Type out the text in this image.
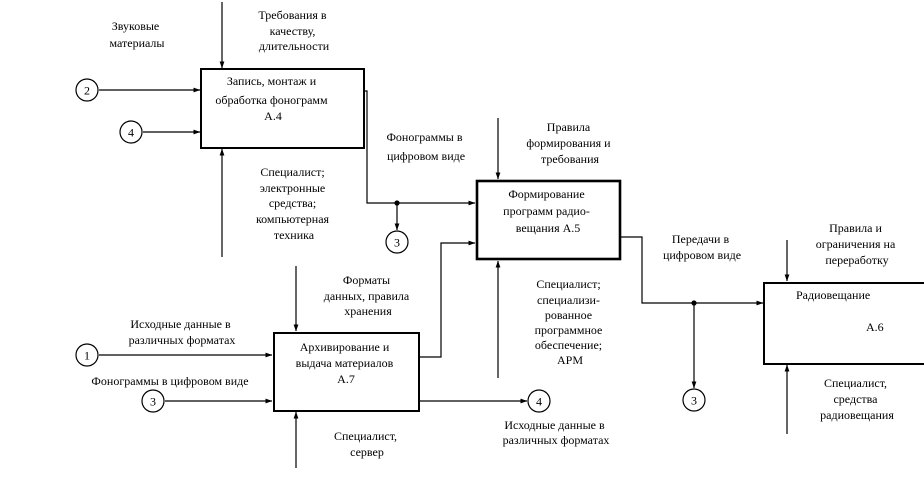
Запись, монтаж и обработка фонограмм А.4
Формирование программ радио- вещания А.5
Радиовещание
А.6
Архивирование и выдача материалов А.7
2
4
3
1
3	4	3
Звуковые материалы
Требования в качеству, длительности
Специалист; электронные средства; компьютерная техника
Фонограммы в цифровом виде
Правила формирования и требования
Специалист; специализи- рованное программное обеспечение; АРМ
Передачи в цифровом виде
Правила и ограничения на переработку
Специалист, средства радиовещания
Форматы данных, правила хранения
Исходные данные в различных форматах
Фонограммы в цифровом виде
Специалист, сервер
Исходные данные в различных форматах
